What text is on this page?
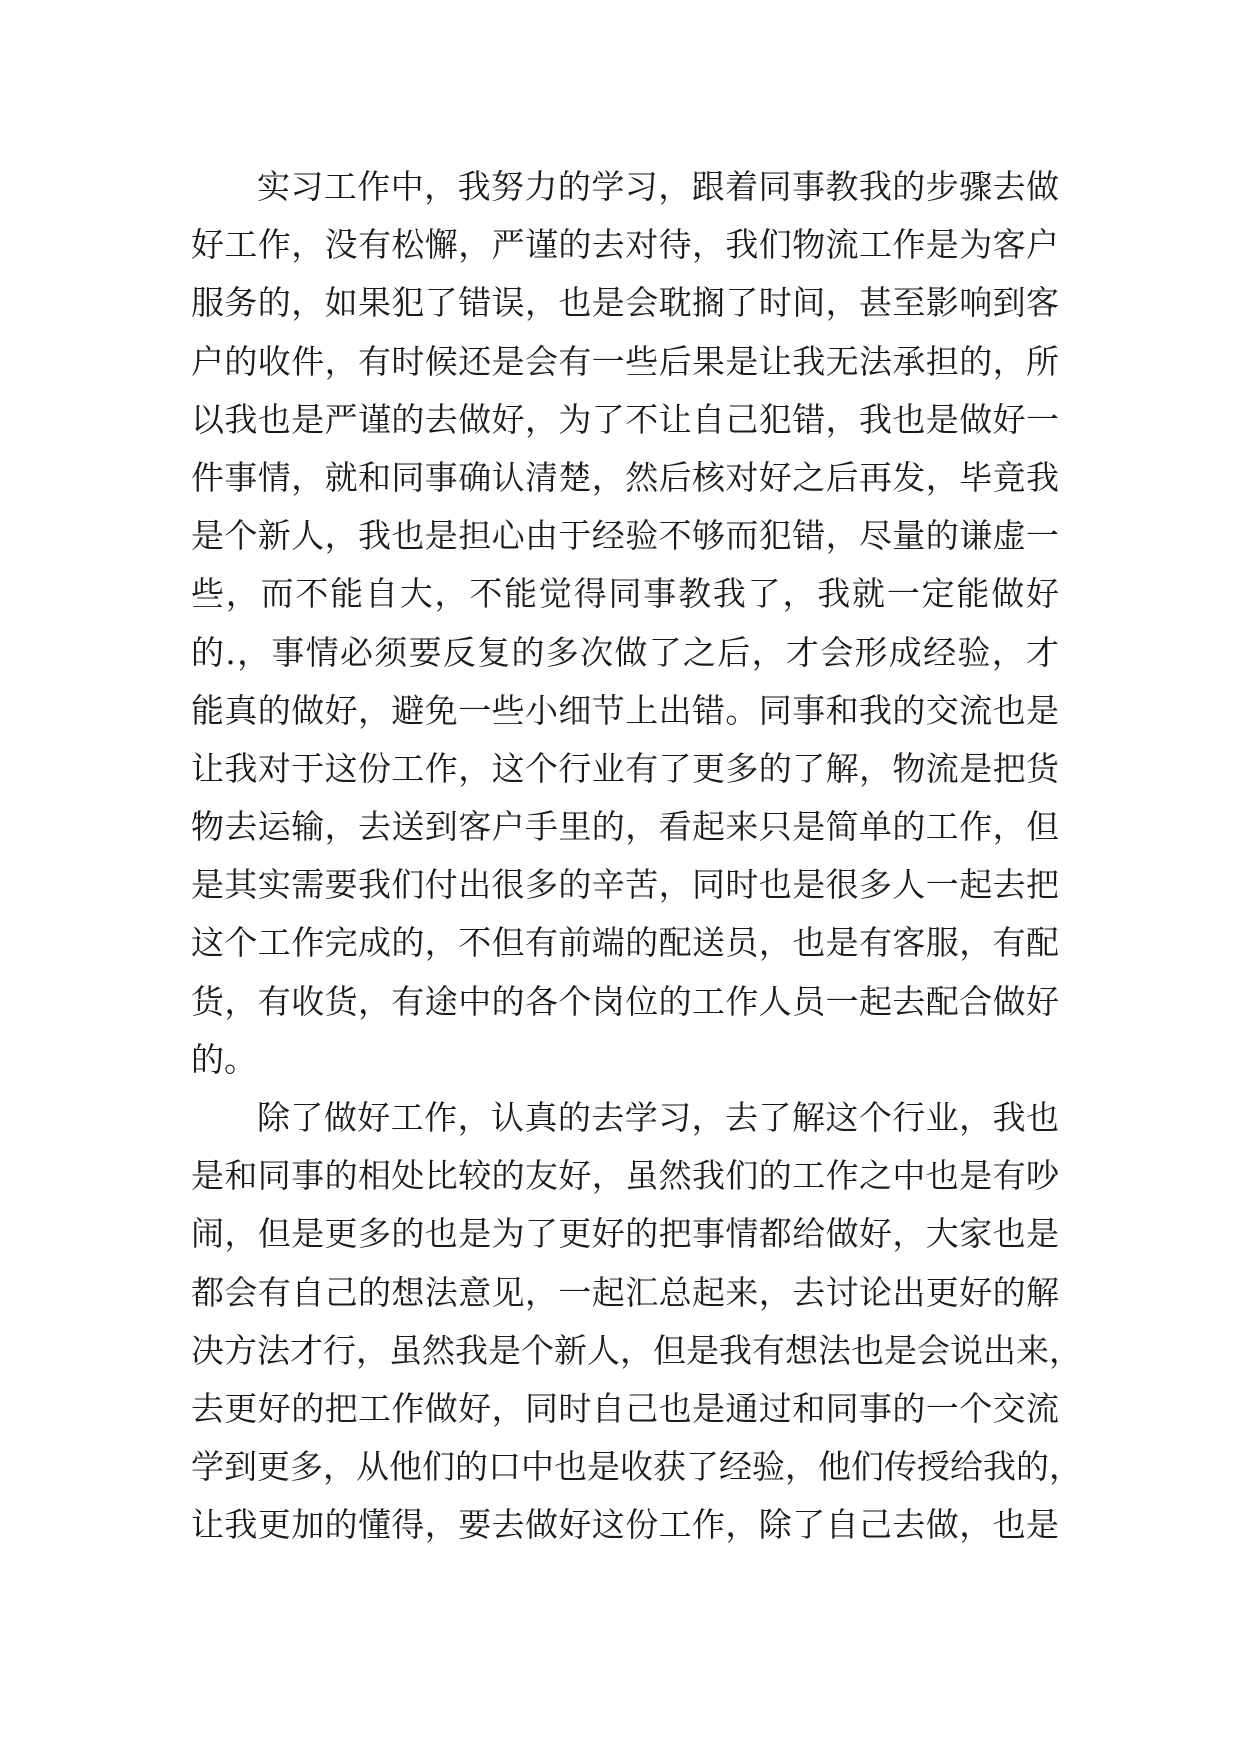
实习工作中，我努力的学习，跟着同事教我的步骤去做
好工作，没有松懈，严谨的去对待，我们物流工作是为客户
服务的，如果犯了错误，也是会耽搁了时间，甚至影响到客
户的收件，有时候还是会有一些后果是让我无法承担的，所
以我也是严谨的去做好，为了不让自己犯错，我也是做好一
件事情，就和同事确认清楚，然后核对好之后再发，毕竟我
是个新人，我也是担心由于经验不够而犯错，尽量的谦虚一
些，而不能自大，不能觉得同事教我了，我就一定能做好
的.，事情必须要反复的多次做了之后，才会形成经验，才
能真的做好，避免一些小细节上出错。同事和我的交流也是
让我对于这份工作，这个行业有了更多的了解，物流是把货
物去运输，去送到客户手里的，看起来只是简单的工作，但
是其实需要我们付出很多的辛苦，同时也是很多人一起去把
这个工作完成的，不但有前端的配送员，也是有客服，有配
货，有收货，有途中的各个岗位的工作人员一起去配合做好
的。
除了做好工作，认真的去学习，去了解这个行业，我也
是和同事的相处比较的友好，虽然我们的工作之中也是有吵
闹，但是更多的也是为了更好的把事情都给做好，大家也是
都会有自己的想法意见，一起汇总起来，去讨论出更好的解
决方法才行，虽然我是个新人，但是我有想法也是会说出来，
去更好的把工作做好，同时自己也是通过和同事的一个交流
学到更多，从他们的口中也是收获了经验，他们传授给我的，
让我更加的懂得，要去做好这份工作，除了自己去做，也是
